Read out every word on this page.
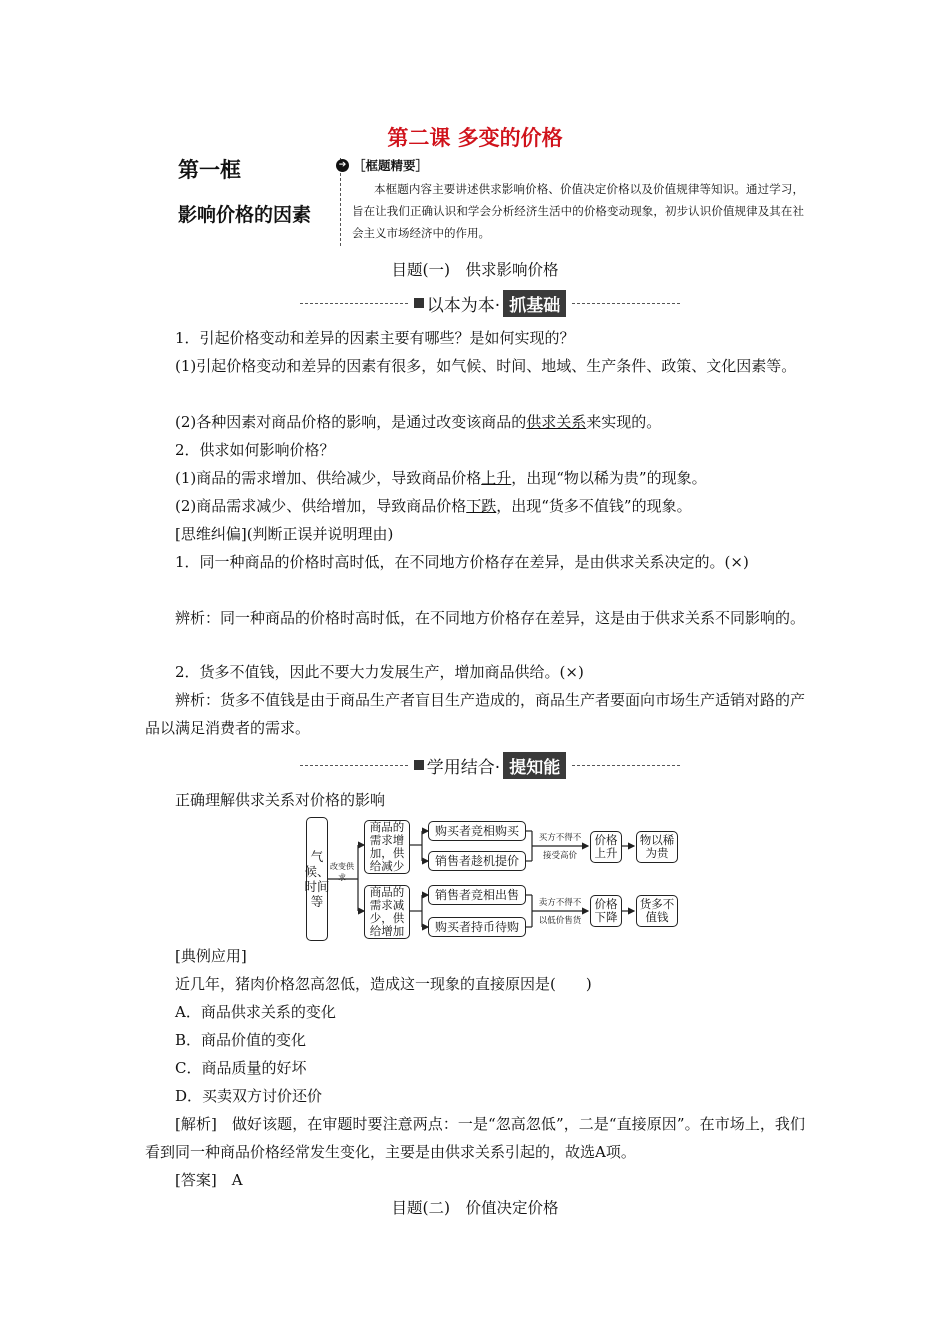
第二课 多变的价格
第一框
影响价格的因素
➔ ［框题精要］
本框题内容主要讲述供求影响价格、价值决定价格以及价值规律等知识。通过学习，旨在让我们正确认识和学会分析经济生活中的价格变动现象，初步认识价值规律及其在社会主义市场经济中的作用。
目题(一)　供求影响价格
以本为本· 抓基础
1．引起价格变动和差异的因素主要有哪些？是如何实现的？
(1)引起价格变动和差异的因素有很多，如气候、时间、地域、生产条件、政策、文化因素等。
(2)各种因素对商品价格的影响，是通过改变该商品的供求关系来实现的。
2．供求如何影响价格？
(1)商品的需求增加、供给减少，导致商品价格上升，出现“物以稀为贵”的现象。
(2)商品需求减少、供给增加，导致商品价格下跌，出现“货多不值钱”的现象。
[思维纠偏](判断正误并说明理由)
1．同一种商品的价格时高时低，在不同地方价格存在差异，是由供求关系决定的。(×)
辨析：同一种商品的价格时高时低，在不同地方价格存在差异，这是由于供求关系不同影响的。
2．货多不值钱，因此不要大力发展生产，增加商品供给。(×)
辨析：货多不值钱是由于商品生产者盲目生产造成的，商品生产者要面向市场生产适销对路的产品以满足消费者的需求。
学用结合· 提知能
正确理解供求关系对价格的影响
气候、时间等
改变供求
商品的需求增加，供给减少
商品的需求减少，供给增加
购买者竞相购买
销售者趁机提价
销售者竞相出售
购买者持币待购
买方不得不
接受高价
卖方不得不
以低价售货
价格上升
价格下降
物以稀为贵
货多不值钱
[典例应用]
近几年，猪肉价格忽高忽低，造成这一现象的直接原因是(　　)
A．商品供求关系的变化
B．商品价值的变化
C．商品质量的好坏
D．买卖双方讨价还价
[解析]　做好该题，在审题时要注意两点：一是“忽高忽低”，二是“直接原因”。在市场上，我们看到同一种商品价格经常发生变化，主要是由供求关系引起的，故选A项。
[答案]　A
目题(二)　价值决定价格
